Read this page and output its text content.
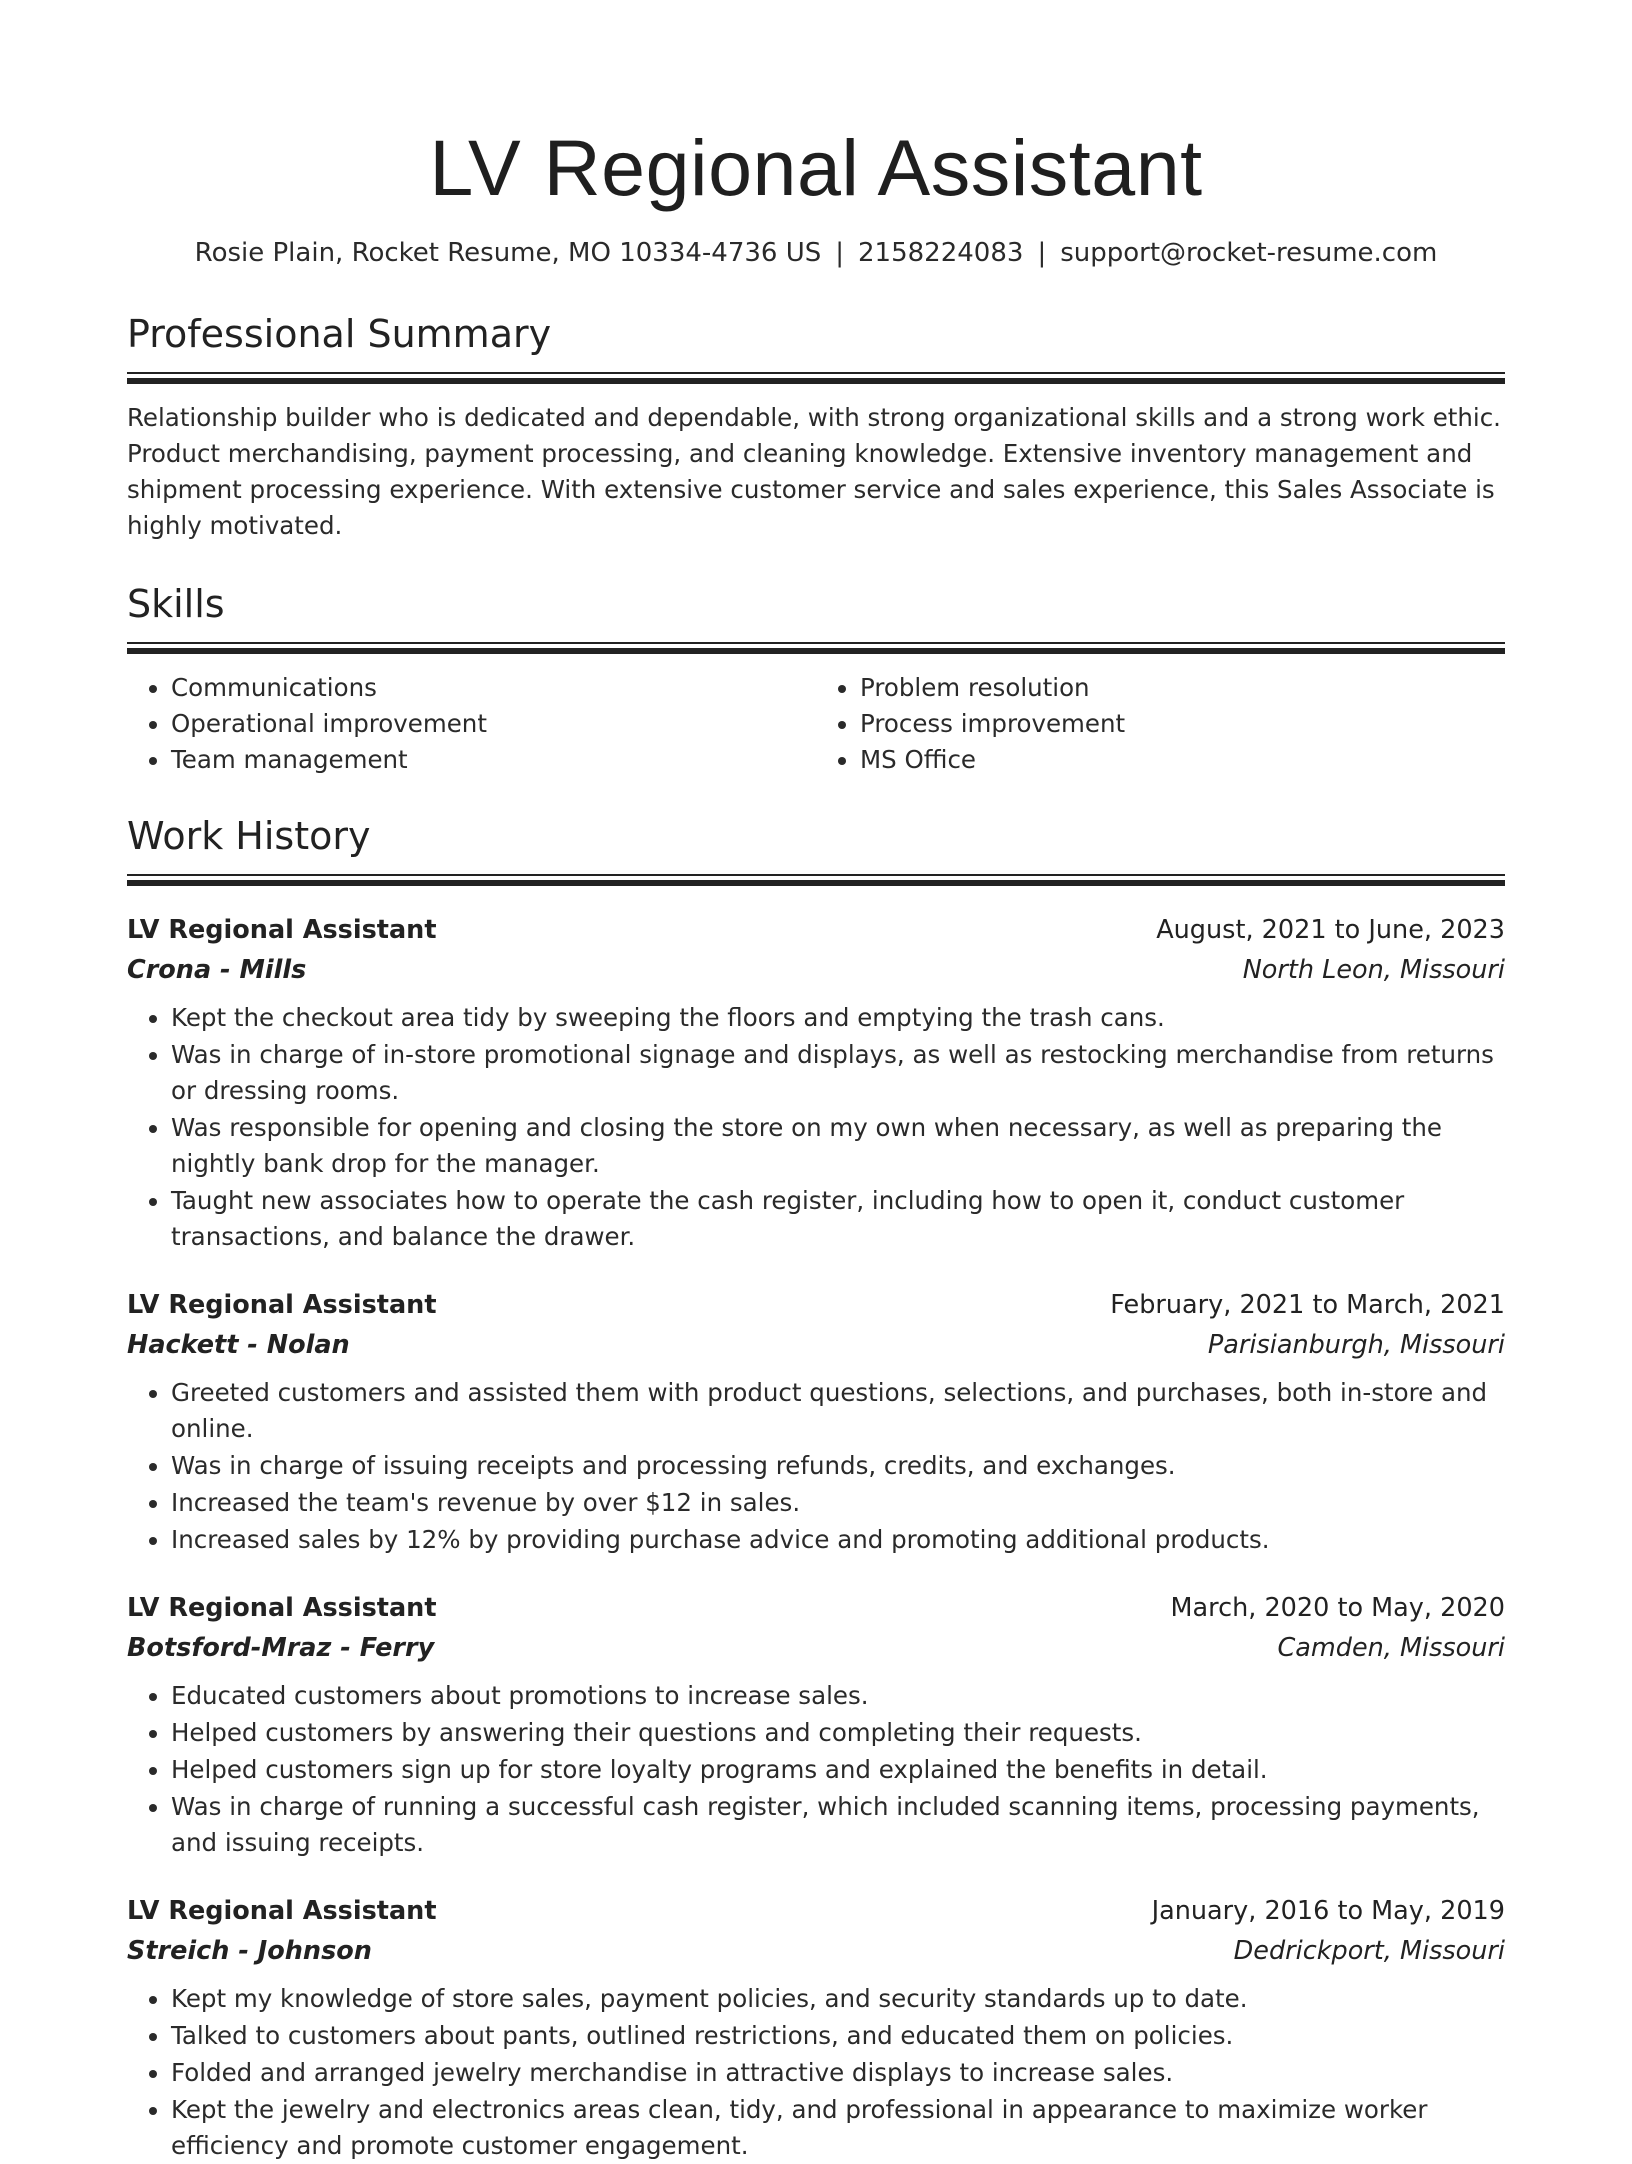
LV Regional Assistant
Rosie Plain, Rocket Resume, MO 10334-4736 US | 2158224083 | support@rocket-resume.com
Professional Summary

Relationship builder who is dedicated and dependable, with strong organizational skills and a strong work ethic. Product merchandising, payment processing, and cleaning knowledge. Extensive inventory management and shipment processing experience. With extensive customer service and sales experience, this Sales Associate is highly motivated.

Skills
• Communications
• Operational improvement
• Team management
• Problem resolution
• Process improvement
• MS Office
Work History
LV Regional Assistant	August, 2021 to June, 2023
Crona - Mills	North Leon, Missouri
• Kept the checkout area tidy by sweeping the floors and emptying the trash cans.
• Was in charge of in-store promotional signage and displays, as well as restocking merchandise from returns or dressing rooms.
• Was responsible for opening and closing the store on my own when necessary, as well as preparing the nightly bank drop for the manager.
• Taught new associates how to operate the cash register, including how to open it, conduct customer transactions, and balance the drawer.
LV Regional Assistant	February, 2021 to March, 2021
Hackett - Nolan	Parisianburgh, Missouri
• Greeted customers and assisted them with product questions, selections, and purchases, both in-store and online.
• Was in charge of issuing receipts and processing refunds, credits, and exchanges.
• Increased the team's revenue by over $12 in sales.
• Increased sales by 12% by providing purchase advice and promoting additional products.
LV Regional Assistant	March, 2020 to May, 2020
Botsford-Mraz - Ferry	Camden, Missouri
• Educated customers about promotions to increase sales.
• Helped customers by answering their questions and completing their requests.
• Helped customers sign up for store loyalty programs and explained the benefits in detail.
• Was in charge of running a successful cash register, which included scanning items, processing payments, and issuing receipts.
LV Regional Assistant	January, 2016 to May, 2019
Streich - Johnson	Dedrickport, Missouri
• Kept my knowledge of store sales, payment policies, and security standards up to date.
• Talked to customers about pants, outlined restrictions, and educated them on policies.
• Folded and arranged jewelry merchandise in attractive displays to increase sales.
• Kept the jewelry and electronics areas clean, tidy, and professional in appearance to maximize worker efficiency and promote customer engagement.
